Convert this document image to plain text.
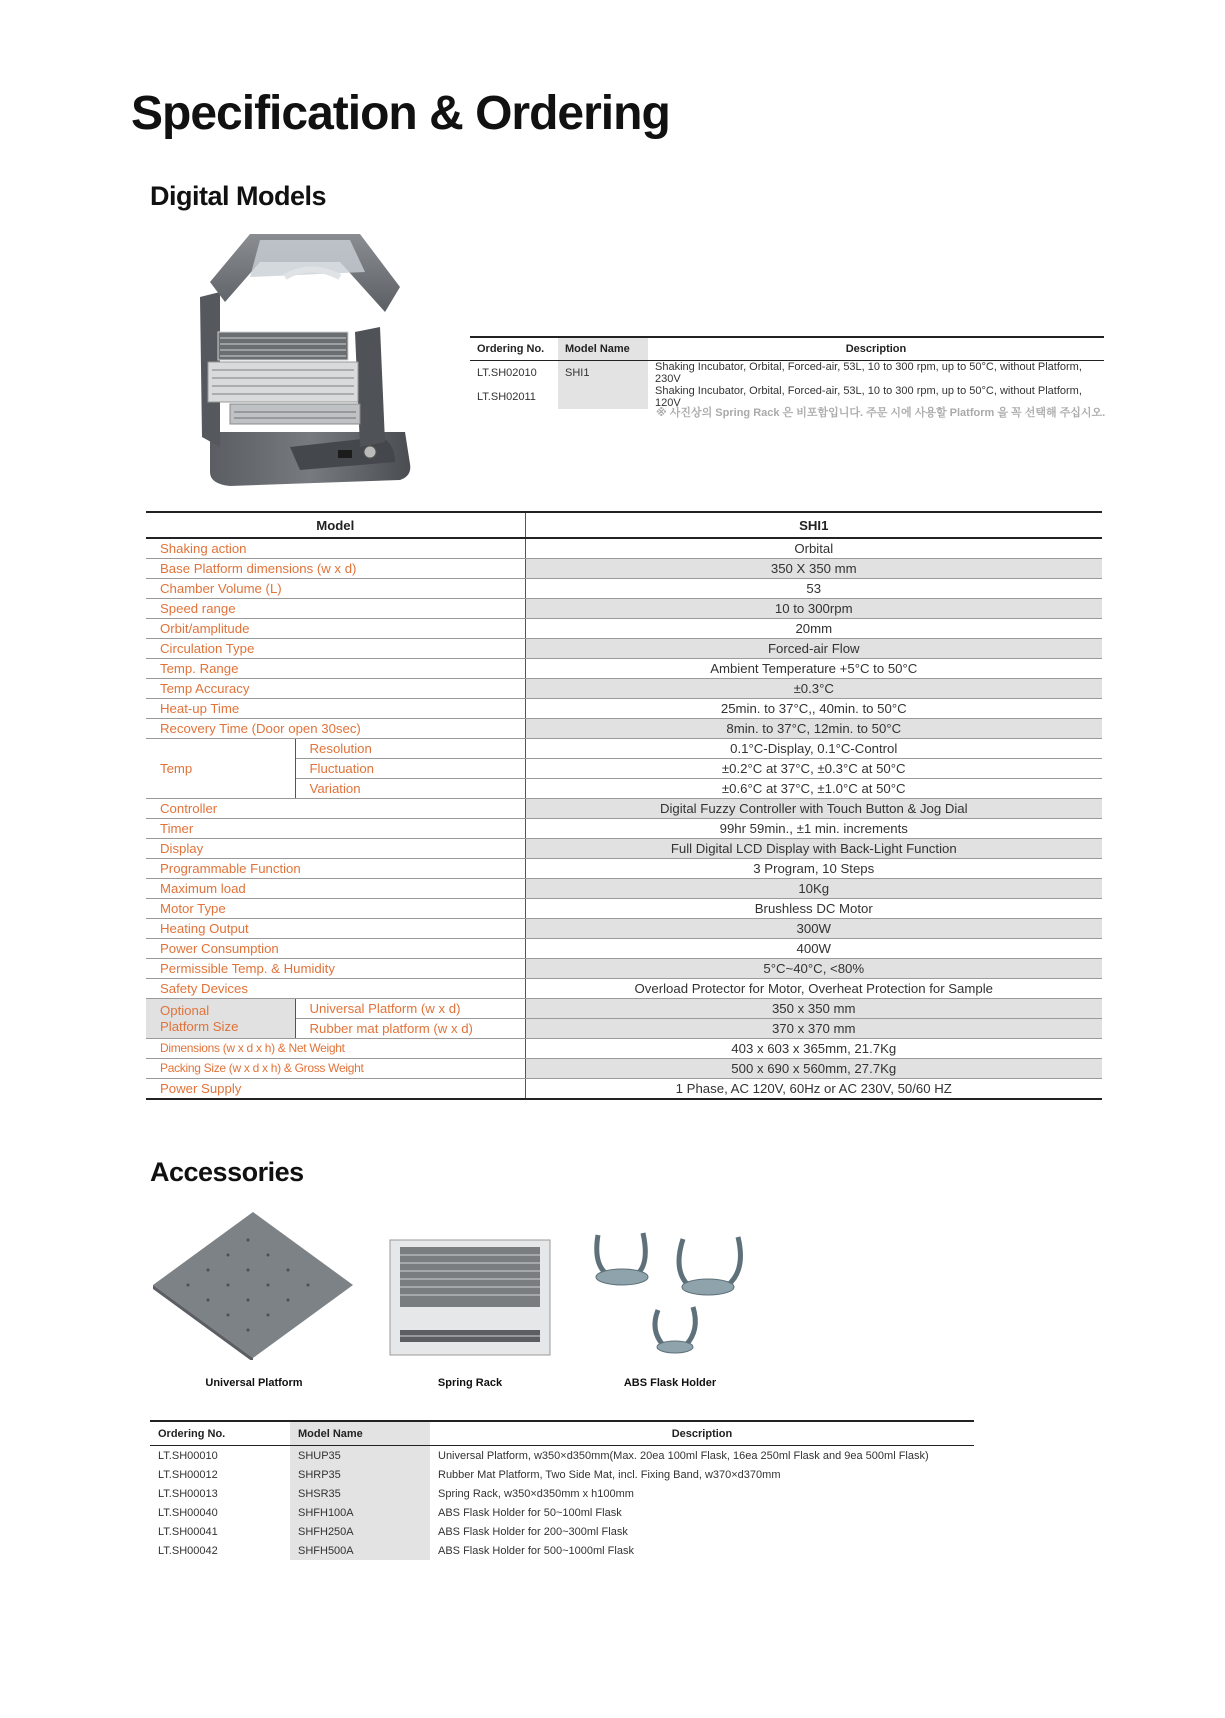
Specification & Ordering
Digital Models
Ordering No.	Model Name	Description
LT.SH02010	SHI1	Shaking Incubator, Orbital, Forced-air, 53L, 10 to 300 rpm, up to 50°C, without Platform, 230V
LT.SH02011		Shaking Incubator, Orbital, Forced-air, 53L, 10 to 300 rpm, up to 50°C, without Platform, 120V
※ 사진상의 Spring Rack 은 비포함입니다. 주문 시에 사용할 Platform 을 꼭 선택해 주십시오.
Model		SHI1
Shaking action		Orbital
Base Platform dimensions (w x d)		350 X 350 mm
Chamber Volume (L)		53
Speed range		10 to 300rpm
Orbit/amplitude		20mm
Circulation Type		Forced-air Flow
Temp. Range		Ambient Temperature +5°C to 50°C
Temp Accuracy		±0.3°C
Heat-up Time		25min. to 37°C,, 40min. to 50°C
Recovery Time (Door open 30sec)		8min. to 37°C, 12min. to 50°C
Temp	Resolution	0.1°C-Display, 0.1°C-Control
	Fluctuation	±0.2°C at 37°C, ±0.3°C at 50°C
	Variation	±0.6°C at 37°C, ±1.0°C at 50°C
Controller		Digital Fuzzy Controller with Touch Button & Jog Dial
Timer		99hr 59min., ±1 min. increments
Display		Full Digital LCD Display with Back-Light Function
Programmable Function		3 Program, 10 Steps
Maximum load		10Kg
Motor Type		Brushless DC Motor
Heating Output		300W
Power Consumption		400W
Permissible Temp. & Humidity		5°C~40°C, <80%
Safety Devices		Overload Protector for Motor, Overheat Protection for Sample

Optional
Platform Size	Universal Platform (w x d)	350 x 350 mm
	Rubber mat platform (w x d)	370 x 370 mm
Dimensions (w x d x h) & Net Weight		403 x 603 x 365mm, 21.7Kg
Packing Size (w x d x h) & Gross Weight		500 x 690 x 560mm, 27.7Kg
Power Supply		1 Phase, AC 120V, 60Hz or AC 230V, 50/60 HZ
Accessories
Universal Platform	Spring Rack	ABS Flask Holder
Ordering No.	Model Name	Description
LT.SH00010	SHUP35	Universal Platform, w350×d350mm(Max. 20ea 100ml Flask, 16ea 250ml Flask and 9ea 500ml Flask)
LT.SH00012	SHRP35	Rubber Mat Platform, Two Side Mat, incl. Fixing Band, w370×d370mm
LT.SH00013	SHSR35	Spring Rack, w350×d350mm x h100mm
LT.SH00040	SHFH100A	ABS Flask Holder for 50~100ml Flask
LT.SH00041	SHFH250A	ABS Flask Holder for 200~300ml Flask
LT.SH00042	SHFH500A	ABS Flask Holder for 500~1000ml Flask
